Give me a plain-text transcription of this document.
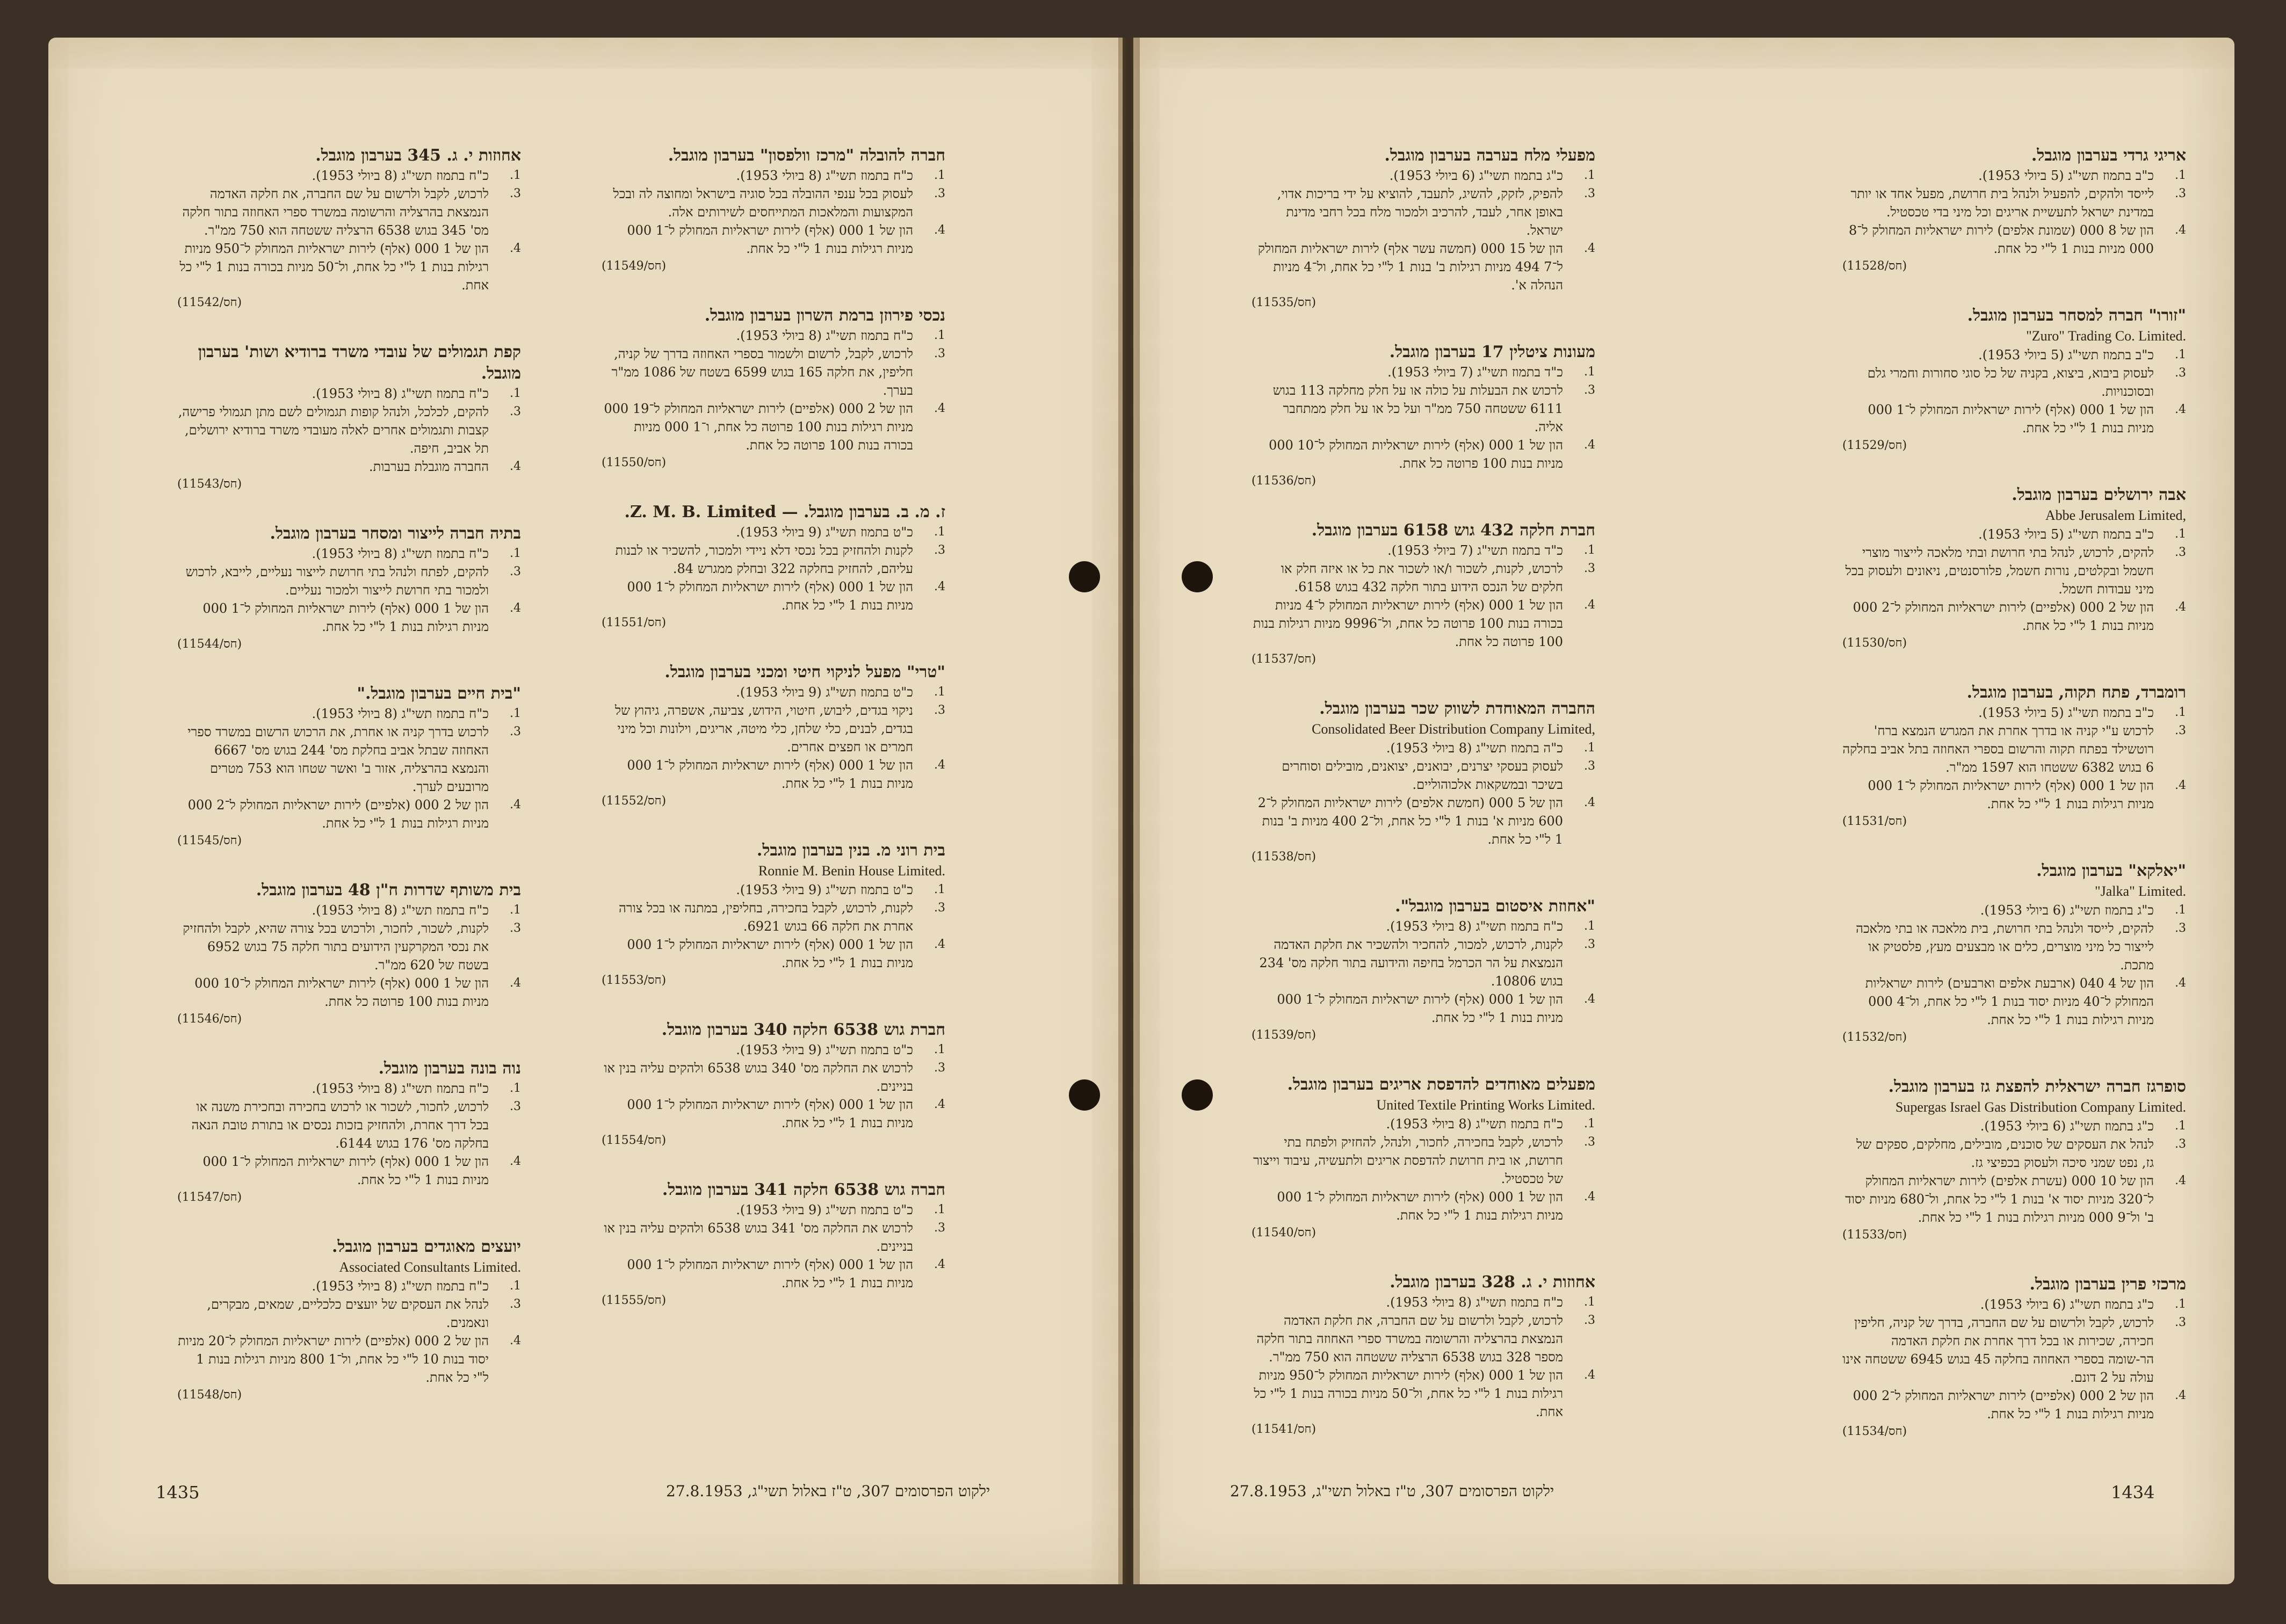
חברה להובלה "מרכז וולפסון" בערבון מוגבל.
1.
כ"ח בתמוז תשי"ג (8 ביולי 1953).
3.
לעסוק בכל ענפי ההובלה בכל סוגיה בישראל ומחוצה לה ובכל המקצועות והמלאכות המתייחסים לשירותים אלה.
4.
הון של 1 000 (אלף) לירות ישראליות המחולק ל־1 000 מניות רגילות בנות 1 ל"י כל אחת.
(11549/חס)
נכסי פירוזן ברמת השרון בערבון מוגבל.
1.
כ"ח בתמוז תשי"ג (8 ביולי 1953).
3.
לרכוש, לקבל, לרשום ולשמור בספרי האחוזה בדרך של קניה, חליפין, את חלקה 165 בגוש 6599 בשטח של 1086 ממ"ר בערך.
4.
הון של 2 000 (אלפיים) לירות ישראליות המחולק ל־19 000 מניות רגילות בנות 100 פרוטה כל אחת, ו־1 000 מניות בכורה בנות 100 פרוטה כל אחת.
(11550/חס)
ז. מ. ב. בערבון מוגבל. — Z. M. B. Limited.
1.
כ"ט בתמוז תשי"ג (9 ביולי 1953).
3.
לקנות ולהחזיק בכל נכסי דלא ניידי ולמכור, להשכיר או לבנות עליהם, להחזיק בחלקה 322 ובחלק ממגרש 84.
4.
הון של 1 000 (אלף) לירות ישראליות המחולק ל־1 000 מניות בנות 1 ל"י כל אחת.
(11551/חס)
"טרי" מפעל לניקוי חיטי ומכני בערבון מוגבל.
1.
כ"ט בתמוז תשי"ג (9 ביולי 1953).
3.
ניקוי בגדים, ליבוש, חיטוי, הידוש, צביעה, אשפרה, גיהוץ של בגדים, לבנים, כלי שלחן, כלי מיטה, אריגים, וילונות וכל מיני חמרים או חפצים אחרים.
4.
הון של 1 000 (אלף) לירות ישראליות המחולק ל־1 000 מניות בנות 1 ל"י כל אחת.
(11552/חס)
בית רוני מ. בנין בערבון מוגבל.
Ronnie M. Benin House Limited.
1.
כ"ט בתמוז תשי"ג (9 ביולי 1953).
3.
לקנות, לרכוש, לקבל בחכירה, בחליפין, במתנה או בכל צורה אחרת את חלקה 66 בגוש 6921.
4.
הון של 1 000 (אלף) לירות ישראליות המחולק ל־1 000 מניות בנות 1 ל"י כל אחת.
(11553/חס)
חברת גוש 6538 חלקה 340 בערבון מוגבל.
1.
כ"ט בתמוז תשי"ג (9 ביולי 1953).
3.
לרכוש את החלקה מס' 340 בגוש 6538 ולהקים עליה בנין או בניינים.
4.
הון של 1 000 (אלף) לירות ישראליות המחולק ל־1 000 מניות בנות 1 ל"י כל אחת.
(11554/חס)
חברה גוש 6538 חלקה 341 בערבון מוגבל.
1.
כ"ט בתמוז תשי"ג (9 ביולי 1953).
3.
לרכוש את החלקה מס' 341 בגוש 6538 ולהקים עליה בנין או בניינים.
4.
הון של 1 000 (אלף) לירות ישראליות המחולק ל־1 000 מניות בנות 1 ל"י כל אחת.
(11555/חס)
אחוזות י. ג. 345 בערבון מוגבל.
1.
כ"ח בתמוז תשי"ג (8 ביולי 1953).
3.
לרכוש, לקבל ולרשום על שם החברה, את חלקה האדמה הנמצאת בהרצליה והרשומה במשרד ספרי האחוזה בתור חלקה מס' 345 בגוש 6538 הרצליה ששטחה הוא 750 ממ"ר.
4.
הון של 1 000 (אלף) לירות ישראליות המחולק ל־950 מניות רגילות בנות 1 ל"י כל אחת, ול־50 מניות בכורה בנות 1 ל"י כל אחת.
(11542/חס)
קפת תגמולים של עובדי משרד ברודיא ושות' בערבון מוגבל.
1.
כ"ח בתמוז תשי"ג (8 ביולי 1953).
3.
להקים, לכלכל, ולנהל קופות תגמולים לשם מתן תגמולי פרישה, קצבות ותגמולים אחרים לאלה מעובדי משרד ברודיא ירושלים, תל אביב, חיפה.
4.
החברה מוגבלת בערבות.
(11543/חס)
בתיה חברה לייצור ומסחר בערבון מוגבל.
1.
כ"ח בתמוז תשי"ג (8 ביולי 1953).
3.
להקים, לפתח ולנהל בתי חרושת לייצור נעליים, לייבא, לרכוש ולמכור בתי חרושת לייצור ולמכור נעליים.
4.
הון של 1 000 (אלף) לירות ישראליות המחולק ל־1 000 מניות רגילות בנות 1 ל"י כל אחת.
(11544/חס)
"בית חיים בערבון מוגבל."
1.
כ"ח בתמוז תשי"ג (8 ביולי 1953).
3.
לרכוש בדרך קניה או אחרת, את הרכוש הרשום במשרד ספרי האחוזה שבתל אביב בחלקת מס' 244 בגוש מס' 6667 והנמצא בהרצליה, אזור ב' ואשר שטחו הוא 753 מטרים מרובעים לערך.
4.
הון של 2 000 (אלפיים) לירות ישראליות המחולק ל־2 000 מניות רגילות בנות 1 ל"י כל אחת.
(11545/חס)
בית משותף שדרות ח"ן 48 בערבון מוגבל.
1.
כ"ח בתמוז תשי"ג (8 ביולי 1953).
3.
לקנות, לשכור, לחכור, ולרכוש בכל צורה שהיא, לקבל ולהחזיק את נכסי המקרקעין הידועים בתור חלקה 75 בגוש 6952 בשטח של 620 ממ"ר.
4.
הון של 1 000 (אלף) לירות ישראליות המחולק ל־10 000 מניות בנות 100 פרוטה כל אחת.
(11546/חס)
נוה בונה בערבון מוגבל.
1.
כ"ח בתמוז תשי"ג (8 ביולי 1953).
3.
לרכוש, לחכור, לשכור או לרכוש בחכירה ובחכירת משנה או בכל דרך אחרת, ולהחזיק בזכות נכסים או בתורת טובת הנאה בחלקה מס' 176 בגוש 6144.
4.
הון של 1 000 (אלף) לירות ישראליות המחולק ל־1 000 מניות בנות 1 ל"י כל אחת.
(11547/חס)
יועצים מאוגדים בערבון מוגבל.
Associated Consultants Limited.
1.
כ"ח בתמוז תשי"ג (8 ביולי 1953).
3.
לנהל את העסקים של יועצים כלכליים, שמאים, מבקרים, ונאמנים.
4.
הון של 2 000 (אלפיים) לירות ישראליות המחולק ל־20 מניות יסוד בנות 10 ל"י כל אחת, ול־1 800 מניות רגילות בנות 1 ל"י כל אחת.
(11548/חס)
מפעלי מלח בערבה בערבון מוגבל.
1.
כ"ג בתמוז תשי"ג (6 ביולי 1953).
3.
להפיק, לזקק, להשיג, לתעבד, להוציא על ידי בריכות אדוי, באופן אחר, לעבד, להרכיב ולמכור מלח בכל רחבי מדינת ישראל.
4.
הון של 15 000 (חמשה עשר אלף) לירות ישראליות המחולק ל־7 494 מניות רגילות ב' בנות 1 ל"י כל אחת, ול־4 מניות הנהלה א'.
(11535/חס)
מעונות ציטלין 17 בערבון מוגבל.
1.
כ"ד בתמוז תשי"ג (7 ביולי 1953).
3.
לרכוש את הבעלות על כולה או על חלק מחלקה 113 בגוש 6111 ששטחה 750 ממ"ר ועל כל או על חלק ממתחבר אליה.
4.
הון של 1 000 (אלף) לירות ישראליות המחולק ל־10 000 מניות בנות 100 פרוטה כל אחת.
(11536/חס)
חברת חלקה 432 גוש 6158 בערבון מוגבל.
1.
כ"ד בתמוז תשי"ג (7 ביולי 1953).
3.
לרכוש, לקנות, לשכור ו/או לשכור את כל או איזה חלק או חלקים של הנכס הידוע בתור חלקה 432 בגוש 6158.
4.
הון של 1 000 (אלף) לירות ישראליות המחולק ל־4 מניות בכורה בנות 100 פרוטה כל אחת, ול־9996 מניות רגילות בנות 100 פרוטה כל אחת.
(11537/חס)
החברה המאוחדת לשווק שכר בערבון מוגבל.
Consolidated Beer Distribution Company Limited,
1.
כ"ה בתמוז תשי"ג (8 ביולי 1953).
3.
לעסוק בעסקי יצרנים, יבואנים, יצואנים, מובילים וסוחרים בשיכר ובמשקאות אלכוהוליים.
4.
הון של 5 000 (חמשת אלפים) לירות ישראליות המחולק ל־2 600 מניות א' בנות 1 ל"י כל אחת, ול־2 400 מניות ב' בנות 1 ל"י כל אחת.
(11538/חס)
"אחוזת איסטום בערבון מוגבל".
1.
כ"ח בתמוז תשי"ג (8 ביולי 1953).
3.
לקנות, לרכוש, למכור, להחכיר ולהשכיר את חלקת האדמה הנמצאת על הר הכרמל בחיפה והידועה בתור חלקה מס' 234 בגוש 10806.
4.
הון של 1 000 (אלף) לירות ישראליות המחולק ל־1 000 מניות בנות 1 ל"י כל אחת.
(11539/חס)
מפעלים מאוחדים להדפסת אריגים בערבון מוגבל.
United Textile Printing Works Limited.
1.
כ"ח בתמוז תשי"ג (8 ביולי 1953).
3.
לרכוש, לקבל בחכירה, לחכור, ולנהל, להחזיק ולפתח בתי חרושת, או בית חרושת להדפסת אריגים ולתעשיה, עיבוד וייצור של טכסטיל.
4.
הון של 1 000 (אלף) לירות ישראליות המחולק ל־1 000 מניות רגילות בנות 1 ל"י כל אחת.
(11540/חס)
אחוזות י. ג. 328 בערבון מוגבל.
1.
כ"ח בתמוז תשי"ג (8 ביולי 1953).
3.
לרכוש, לקבל ולרשום על שם החברה, את חלקת האדמה הנמצאת בהרצליה והרשומה במשרד ספרי האחוזה בתור חלקה מספר 328 בגוש 6538 הרצליה ששטחה הוא 750 ממ"ר.
4.
הון של 1 000 (אלף) לירות ישראליות המחולק ל־950 מניות רגילות בנות 1 ל"י כל אחת, ול־50 מניות בכורה בנות 1 ל"י כל אחת.
(11541/חס)
אריגי גרדי בערבון מוגבל.
1.
כ"ב בתמוז תשי"ג (5 ביולי 1953).
3.
לייסד ולהקים, להפעיל ולנהל בית חרושת, מפעל אחד או יותר במדינת ישראל לתעשיית אריגים וכל מיני בדי טכסטיל.
4.
הון של 8 000 (שמונת אלפים) לירות ישראליות המחולק ל־8 000 מניות בנות 1 ל"י כל אחת.
(11528/חס)
"זורו" חברה למסחר בערבון מוגבל.
"Zuro" Trading Co. Limited.
1.
כ"ב בתמוז תשי"ג (5 ביולי 1953).
3.
לעסוק ביבוא, ביצוא, בקניה של כל סוגי סחורות וחמרי גלם ובסוכנויות.
4.
הון של 1 000 (אלף) לירות ישראליות המחולק ל־1 000 מניות בנות 1 ל"י כל אחת.
(11529/חס)
אבה ירושלים בערבון מוגבל.
Abbe Jerusalem Limited,
1.
כ"ב בתמוז תשי"ג (5 ביולי 1953).
3.
להקים, לרכוש, לנהל בתי חרושת ובתי מלאכה לייצור מוצרי חשמל ובקלטים, נורות חשמל, פלורסנטים, ניאונים ולעסוק בכל מיני עבודות חשמל.
4.
הון של 2 000 (אלפיים) לירות ישראליות המחולק ל־2 000 מניות בנות 1 ל"י כל אחת.
(11530/חס)
רומברד, פתח תקוה, בערבון מוגבל.
1.
כ"ב בתמוז תשי"ג (5 ביולי 1953).
3.
לרכוש ע"י קניה או בדרך אחרת את המגרש הנמצא ברח' רוטשילד בפתח תקוה והרשום בספרי האחוזה בתל אביב בחלקה 6 בגוש 6382 ששטחו הוא 1597 ממ"ר.
4.
הון של 1 000 (אלף) לירות ישראליות המחולק ל־1 000 מניות רגילות בנות 1 ל"י כל אחת.
(11531/חס)
"יאלקא" בערבון מוגבל.
"Jalka" Limited.
1.
כ"ג בתמוז תשי"ג (6 ביולי 1953).
3.
להקים, לייסד ולנהל בתי חרושת, בית מלאכה או בתי מלאכה לייצור כל מיני מוצרים, כלים או מבצעים מעץ, פלסטיק או מתכת.
4.
הון של 4 040 (ארבעת אלפים וארבעים) לירות ישראליות המחולק ל־40 מניות יסוד בנות 1 ל"י כל אחת, ול־4 000 מניות רגילות בנות 1 ל"י כל אחת.
(11532/חס)
סופרגז חברה ישראלית להפצת גז בערבון מוגבל.
Supergas Israel Gas Distribution Company Limited.
1.
כ"ג בתמוז תשי"ג (6 ביולי 1953).
3.
לנהל את העסקים של סוכנים, מובילים, מחלקים, ספקים של גז, נפט שמני סיכה ולעסוק בכפיצי גז.
4.
הון של 10 000 (עשרת אלפים) לירות ישראליות המחולק ל־320 מניות יסוד א' בנות 1 ל"י כל אחת, ול־680 מניות יסוד ב' ול־9 000 מניות רגילות בנות 1 ל"י כל אחת.
(11533/חס)
מרכזי פרין בערבון מוגבל.
1.
כ"ג בתמוז תשי"ג (6 ביולי 1953).
3.
לרכוש, לקבל ולרשום על שם החברה, בדרך של קניה, חליפין חכירה, שכירות או בכל דרך אחרת את חלקת האדמה הר-שומה בספרי האחוזה בחלקה 45 בגוש 6945 ששטחה אינו עולה על 2 דונם.
4.
הון של 2 000 (אלפיים) לירות ישראליות המחולק ל־2 000 מניות רגילות בנות 1 ל"י כל אחת.
(11534/חס)
1435	ילקוט הפרסומים 307, ט"ז באלול תשי"ג, 27.8.1953	ילקוט הפרסומים 307, ט"ז באלול תשי"ג, 27.8.1953	1434
